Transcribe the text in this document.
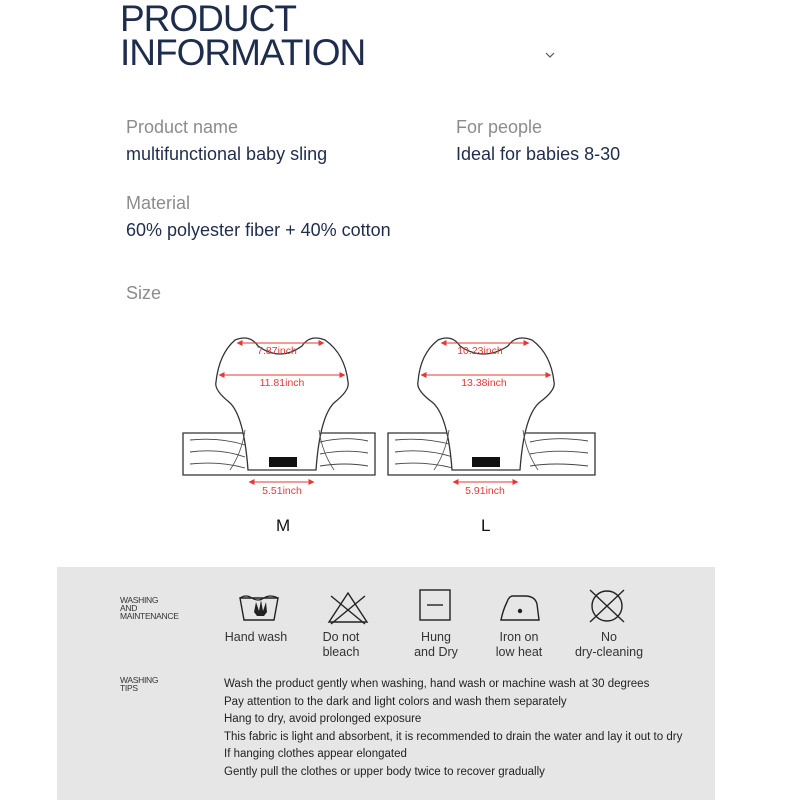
PRODUCT
INFORMATION
Product name
multifunctional baby sling
For people
Ideal for babies 8-30
Material
60% polyester fiber + 40% cotton
Size
7.87inch
11.81inch
5.51inch
10.23inch
13.38inch
5.91inch
M	L
WASHING
AND
MAINTENANCE
Hand wash	Do not
bleach
Hung
and Dry
Iron on
low heat
No
dry-cleaning
WASHING
TIPS	Wash the product gently when washing, hand wash or machine wash at 30 degrees
Pay attention to the dark and light colors and wash them separately
Hang to dry, avoid prolonged exposure
This fabric is light and absorbent, it is recommended to drain the water and lay it out to dry
If hanging clothes appear elongated
Gently pull the clothes or upper body twice to recover gradually
